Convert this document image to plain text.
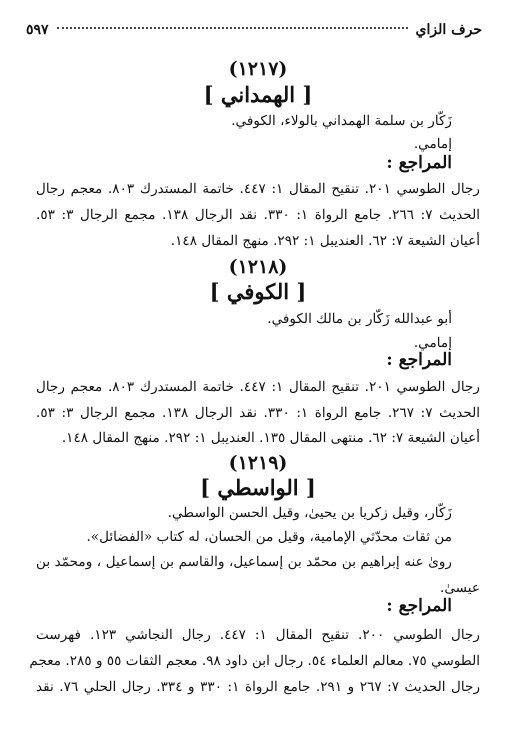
حرف الزاي
٥٩٧
(١٢١٧)
[ الهمداني ]
زَكّار بن سلمة الهمداني بالولاء، الكوفي.
إمامي.
المراجع :
رجال الطوسي ٢٠١. تنقيح المقال ١: ٤٤٧. خاتمة المستدرك ٨٠٣. معجم رجال
الحديث ٧: ٢٦٦. جامع الرواة ١: ٣٣٠. نقد الرجال ١٣٨. مجمع الرجال ٣: ٥٣.
أعيان الشيعة ٧: ٦٢. العنديبل ١: ٢٩٢. منهج المقال ١٤٨.
(١٢١٨)
[ الكوفي ]
أبو عبدالله زَكّار بن مالك الكوفي.
إمامي.
المراجع :
رجال الطوسي ٢٠١. تنقيح المقال ١: ٤٤٧. خاتمة المستدرك ٨٠٣. معجم رجال
الحديث ٧: ٢٦٧. جامع الرواة ١: ٣٣٠. نقد الرجال ١٣٨. مجمع الرجال ٣: ٥٣.
أعيان الشيعة ٧: ٦٢. منتهى المقال ١٣٥. العنديبل ١: ٢٩٢. منهج المقال ١٤٨.
(١٢١٩)
[ الواسطي ]
زَكّار، وقيل زكريا بن يحيىٰ، وقيل الحسن الواسطي.
من ثقات محدّثي الإمامية، وقيل من الحسان، له كتاب «الفضائل».
روىٰ عنه إبراهيم بن محمّد بن إسماعيل، والقاسم بن إسماعيل ، ومحمّد بن
عيسىٰ.
المراجع :
رجال الطوسي ٢٠٠. تنقيح المقال ١: ٤٤٧. رجال النجاشي ١٢٣. فهرست
الطوسي ٧٥. معالم العلماء ٥٤. رجال ابن داود ٩٨. معجم الثقات ٥٥ و ٢٨٥. معجم
رجال الحديث ٧: ٢٦٧ و ٢٩١. جامع الرواة ١: ٣٣٠ و ٣٣٤. رجال الحلي ٧٦. نقد
